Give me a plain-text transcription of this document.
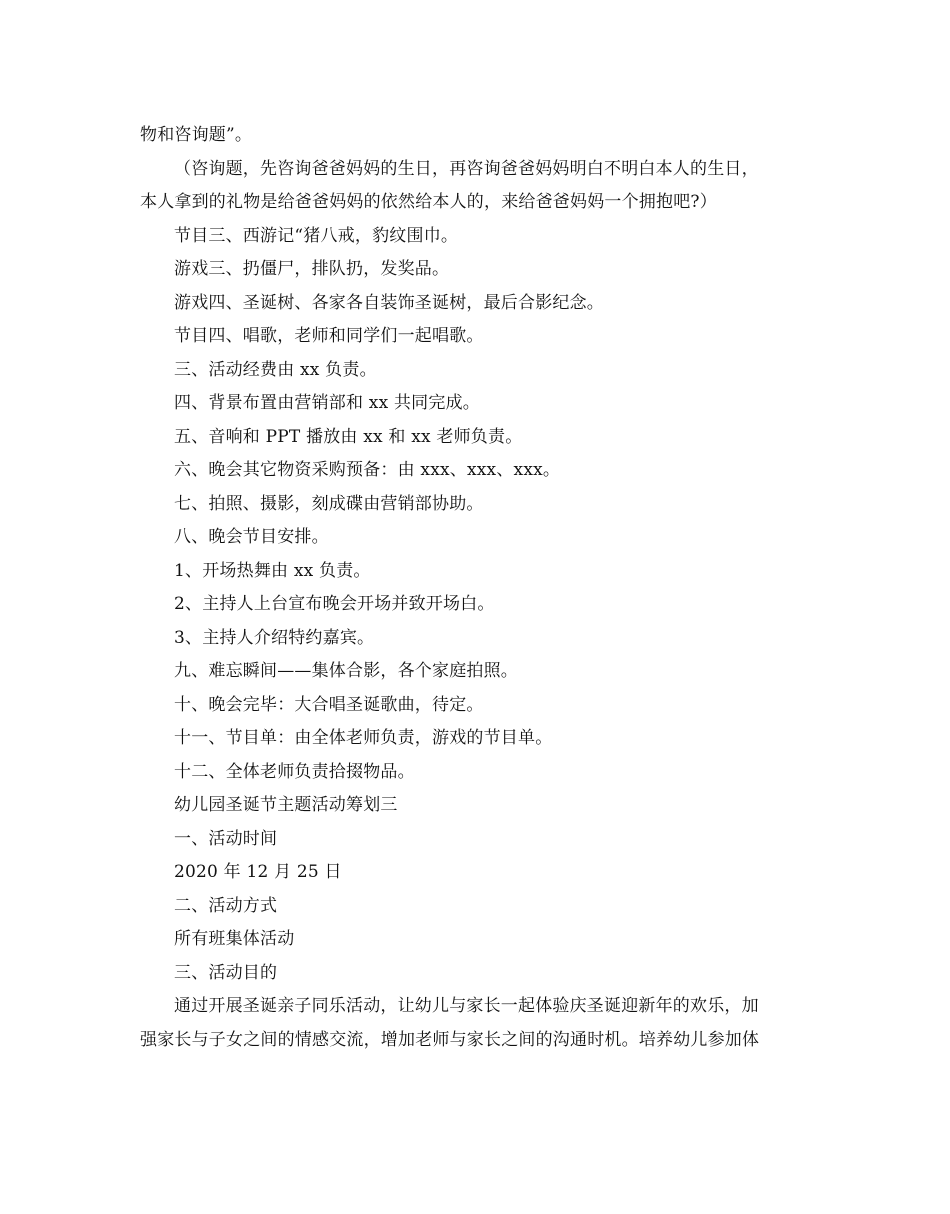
物和咨询题”。

（咨询题，先咨询爸爸妈妈的生日，再咨询爸爸妈妈明白不明白本人的生日，

本人拿到的礼物是给爸爸妈妈的依然给本人的，来给爸爸妈妈一个拥抱吧?）

节目三、西游记“猪八戒，豹纹围巾。

游戏三、扔僵尸，排队扔，发奖品。

游戏四、圣诞树、各家各自装饰圣诞树，最后合影纪念。

节目四、唱歌，老师和同学们一起唱歌。

三、活动经费由 xx 负责。

四、背景布置由营销部和 xx 共同完成。

五、音响和 PPT 播放由 xx 和 xx 老师负责。

六、晚会其它物资采购预备：由 xxx、xxx、xxx。

七、拍照、摄影，刻成碟由营销部协助。

八、晚会节目安排。

1、开场热舞由 xx 负责。

2、主持人上台宣布晚会开场并致开场白。

3、主持人介绍特约嘉宾。

九、难忘瞬间——集体合影，各个家庭拍照。

十、晚会完毕：大合唱圣诞歌曲，待定。

十一、节目单：由全体老师负责，游戏的节目单。

十二、全体老师负责拾掇物品。

幼儿园圣诞节主题活动筹划三

一、活动时间

2020 年 12 月 25 日

二、活动方式

所有班集体活动

三、活动目的

通过开展圣诞亲子同乐活动，让幼儿与家长一起体验庆圣诞迎新年的欢乐，加

强家长与子女之间的情感交流，增加老师与家长之间的沟通时机。培养幼儿参加体
